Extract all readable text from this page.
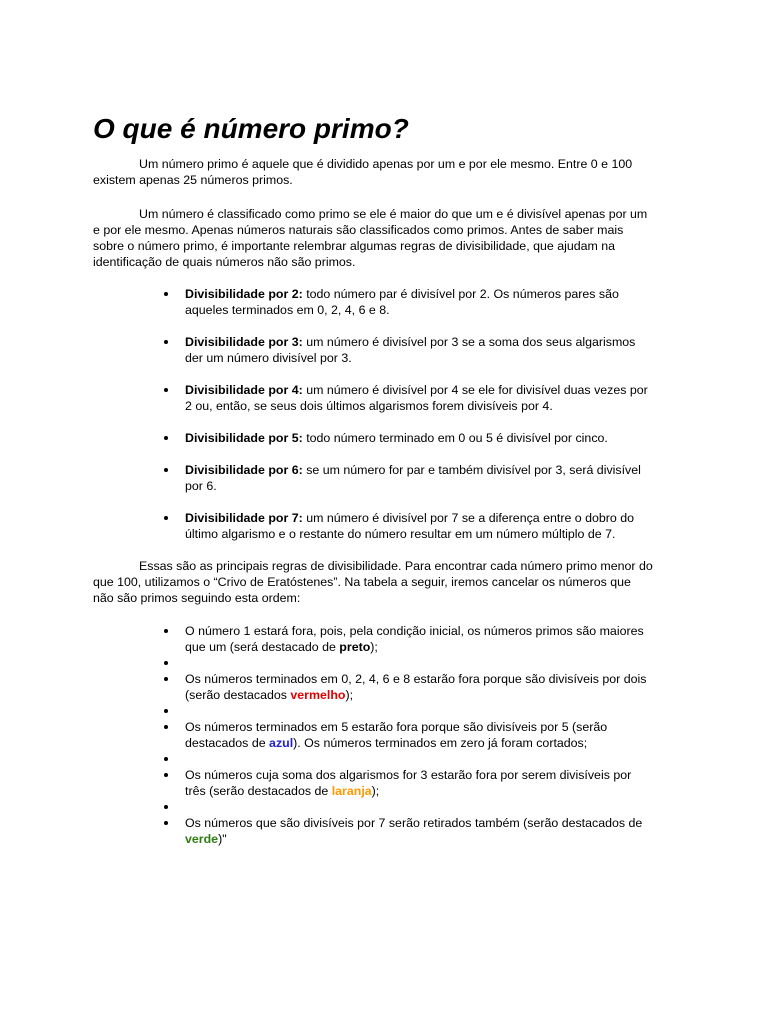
O que é número primo?

Um número primo é aquele que é dividido apenas por um e por ele mesmo. Entre 0 e 100
existem apenas 25 números primos.

Um número é classificado como primo se ele é maior do que um e é divisível apenas por um
e por ele mesmo. Apenas números naturais são classificados como primos. Antes de saber mais
sobre o número primo, é importante relembrar algumas regras de divisibilidade, que ajudam na
identificação de quais números não são primos.

Divisibilidade por 2: todo número par é divisível por 2. Os números pares são
aqueles terminados em 0, 2, 4, 6 e 8.
Divisibilidade por 3: um número é divisível por 3 se a soma dos seus algarismos
der um número divisível por 3.
Divisibilidade por 4: um número é divisível por 4 se ele for divisível duas vezes por
2 ou, então, se seus dois últimos algarismos forem divisíveis por 4.
Divisibilidade por 5: todo número terminado em 0 ou 5 é divisível por cinco.
Divisibilidade por 6: se um número for par e também divisível por 3, será divisível
por 6.
Divisibilidade por 7: um número é divisível por 7 se a diferença entre o dobro do
último algarismo e o restante do número resultar em um número múltiplo de 7.

Essas são as principais regras de divisibilidade. Para encontrar cada número primo menor do
que 100, utilizamos o “Crivo de Eratóstenes”. Na tabela a seguir, iremos cancelar os números que
não são primos seguindo esta ordem:

O número 1 estará fora, pois, pela condição inicial, os números primos são maiores
que um (será destacado de preto);
Os números terminados em 0, 2, 4, 6 e 8 estarão fora porque são divisíveis por dois
(serão destacados vermelho);
Os números terminados em 5 estarão fora porque são divisíveis por 5 (serão
destacados de azul). Os números terminados em zero já foram cortados;
Os números cuja soma dos algarismos for 3 estarão fora por serem divisíveis por
três (serão destacados de laranja);
Os números que são divisíveis por 7 serão retirados também (serão destacados de
verde)"
